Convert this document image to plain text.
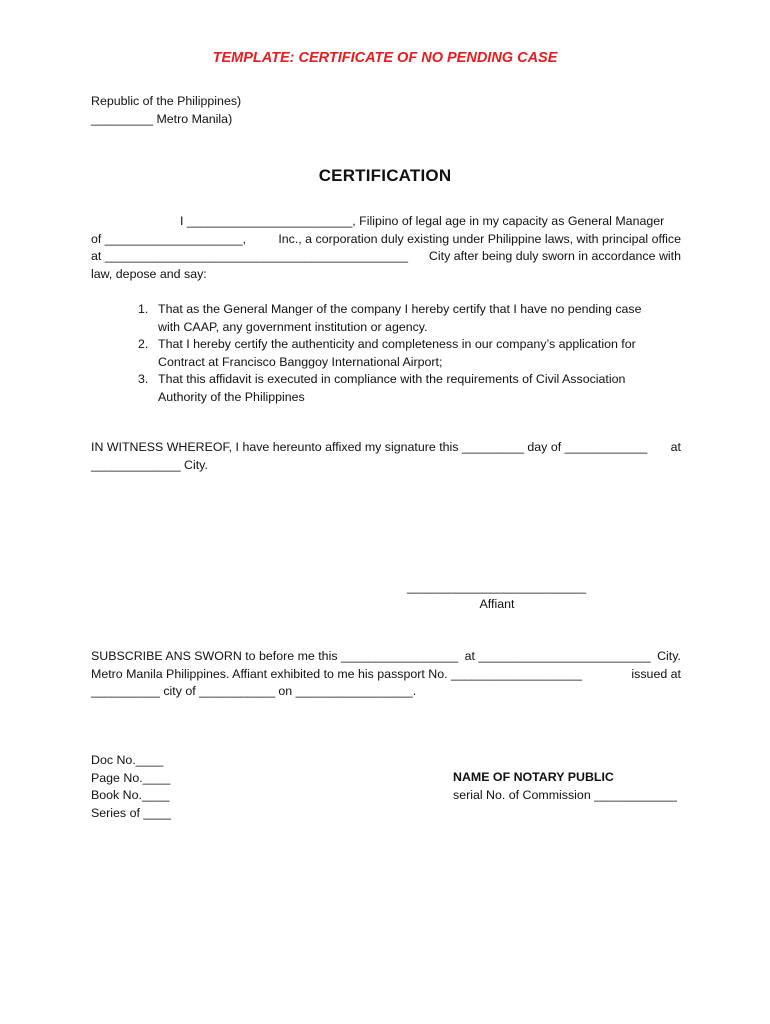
TEMPLATE: CERTIFICATE OF NO PENDING CASE
Republic of the Philippines)
_________ Metro Manila)
CERTIFICATION
I ________________________, Filipino of legal age in my capacity as General Manager
of ____________________,	Inc., a corporation duly existing under Philippine laws, with principal office
at ____________________________________________ City after being duly sworn in accordance with
law, depose and say:
1. That as the General Manger of the company I hereby certify that I have no pending case
with CAAP, any government institution or agency.
2. That I hereby certify the authenticity and completeness in our company’s application for
Contract at Francisco Banggoy International Airport;
3. That this affidavit is executed in compliance with the requirements of Civil Association
Authority of the Philippines
IN WITNESS WHEREOF, I have hereunto affixed my signature this _________ day of ____________ at
_____________ City.
__________________________
Affiant
SUBSCRIBE ANS SWORN to before me this _________________ at _________________________ City.
Metro Manila Philippines. Affiant exhibited to me his passport No. ___________________	issued at
__________ city of ___________ on _________________.
Doc No.____
Page No.____
Book No.____
Series of ____
NAME OF NOTARY PUBLIC
serial No. of Commission ____________
